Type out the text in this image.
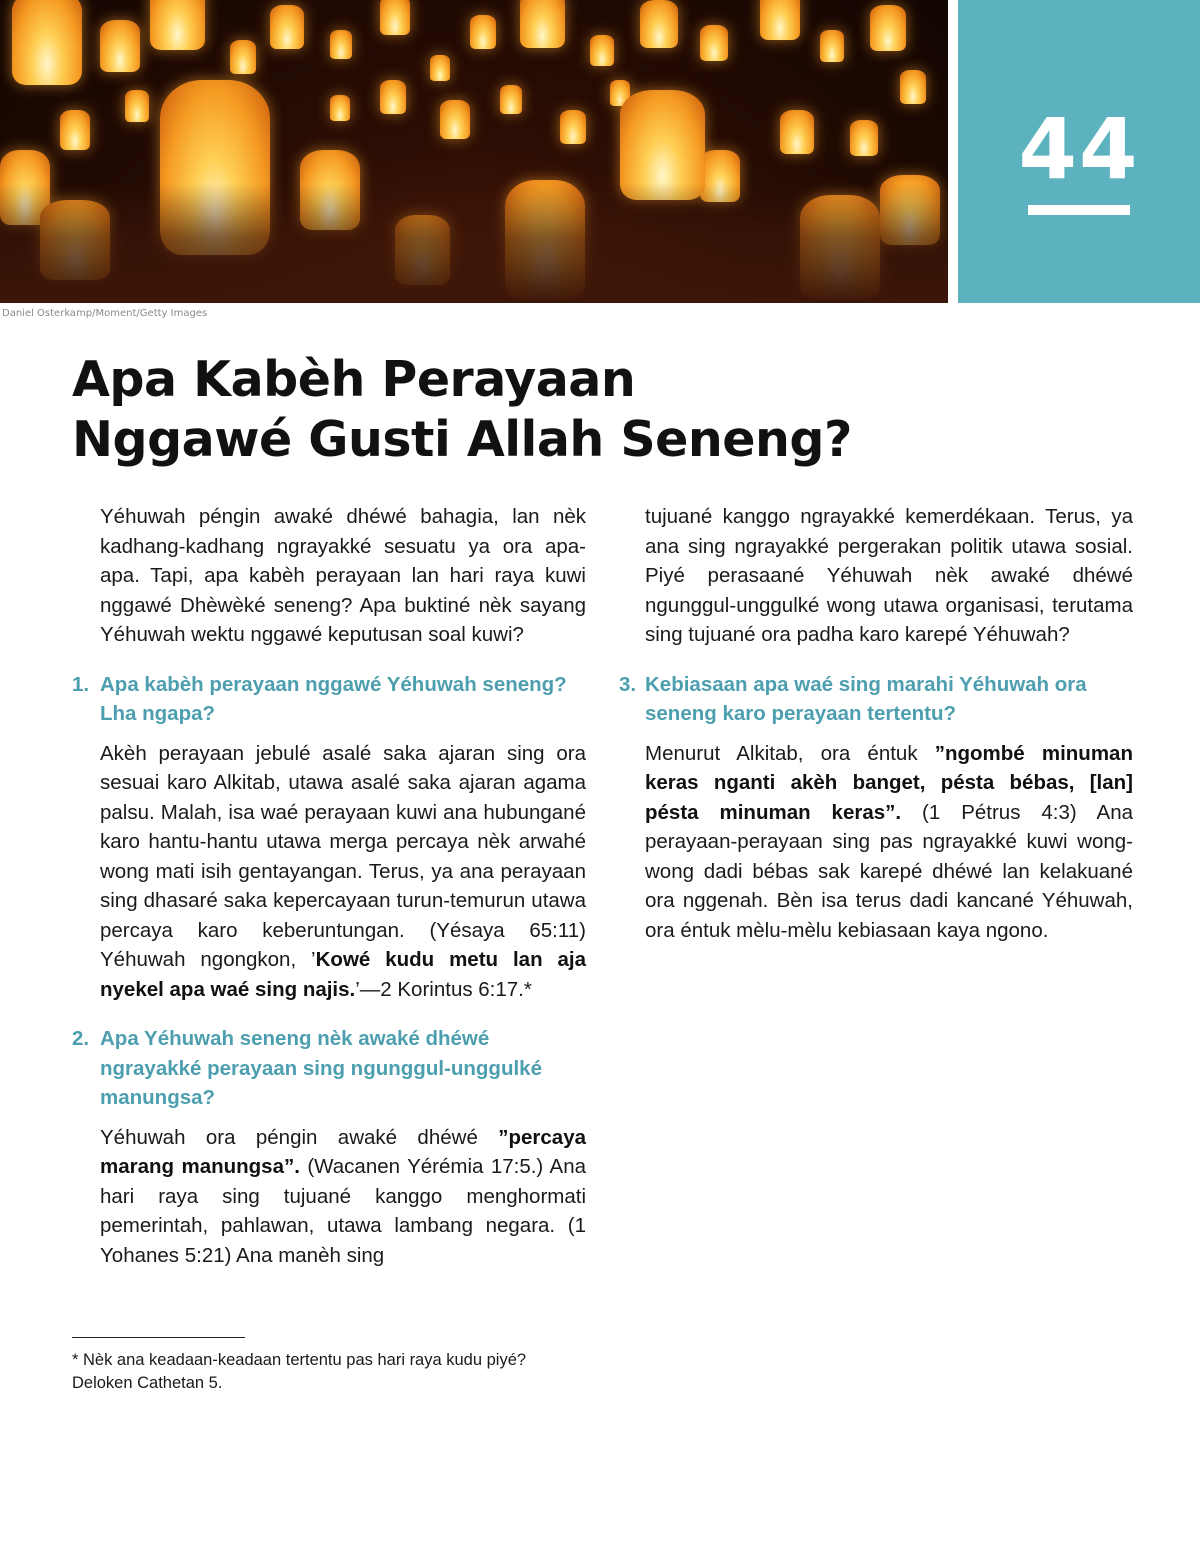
44
Daniel Osterkamp/Moment/Getty Images
Apa Kabèh Perayaan
Nggawé Gusti Allah Seneng?

Yéhuwah péngin awaké dhéwé bahagia, lan nèk kadhang-kadhang ngrayakké sesuatu ya ora apa-apa. Tapi, apa kabèh perayaan lan hari raya kuwi nggawé Dhèwèké seneng? Apa buktiné nèk sayang Yéhuwah wektu nggawé keputusan soal kuwi?

1. Apa kabèh perayaan nggawé Yéhuwah seneng? Lha ngapa?

Akèh perayaan jebulé asalé saka ajaran sing ora sesuai karo Alkitab, utawa asalé saka ajaran agama palsu. Malah, isa waé perayaan kuwi ana hubungané karo hantu-hantu utawa merga percaya nèk arwahé wong mati isih gentayangan. Terus, ya ana perayaan sing dhasaré saka kepercayaan turun-temurun utawa percaya karo keberuntungan. (Yésaya 65:11) Yéhuwah ngongkon, ’Kowé kudu metu lan aja nyekel apa waé sing najis.’—2 Korintus 6:17.*

2. Apa Yéhuwah seneng nèk awaké dhéwé ngrayakké perayaan sing ngunggul-unggulké manungsa?

Yéhuwah ora péngin awaké dhéwé ”percaya marang manungsa”. (Wacanen Yérémia 17:5.) Ana hari raya sing tujuané kanggo menghormati pemerintah, pahlawan, utawa lambang negara. (1 Yohanes 5:21) Ana manèh sing

tujuané kanggo ngrayakké kemerdékaan. Terus, ya ana sing ngrayakké pergerakan politik utawa sosial. Piyé perasaané Yéhuwah nèk awaké dhéwé ngunggul-unggulké wong utawa organisasi, terutama sing tujuané ora padha karo karepé Yéhuwah?

3. Kebiasaan apa waé sing marahi Yéhuwah ora seneng karo perayaan tertentu?

Menurut Alkitab, ora éntuk ”ngombé minuman keras nganti akèh banget, pésta bébas, [lan] pésta minuman keras”. (1 Pétrus 4:3) Ana perayaan-perayaan sing pas ngrayakké kuwi wong-wong dadi bébas sak karepé dhéwé lan kelakuané ora nggenah. Bèn isa terus dadi kancané Yéhuwah, ora éntuk mèlu-mèlu kebiasaan kaya ngono.

* Nèk ana keadaan-keadaan tertentu pas hari raya kudu piyé?
Deloken Cathetan 5.
